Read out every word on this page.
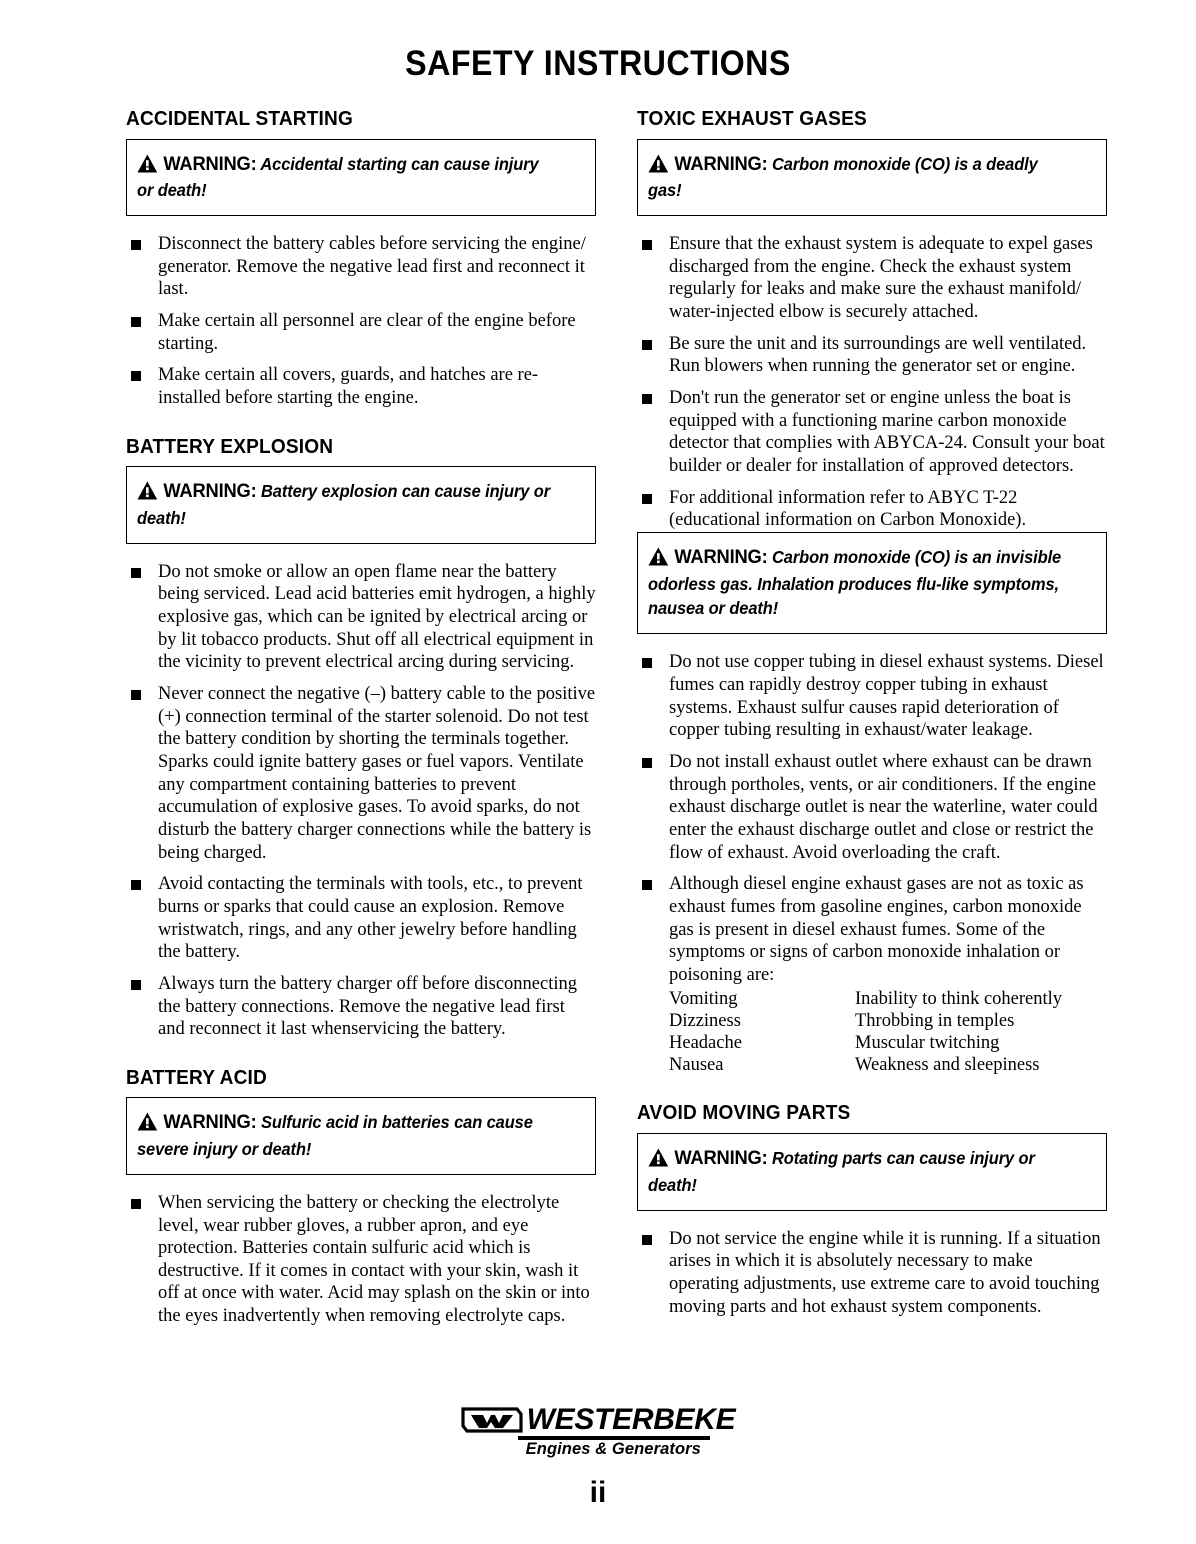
SAFETY INSTRUCTIONS
ACCIDENTAL STARTING
WARNING: Accidental starting can cause injury or death!
Disconnect the battery cables before servicing the engine/ generator. Remove the negative lead first and reconnect it last.
Make certain all personnel are clear of the engine before starting.
Make certain all covers, guards, and hatches are re-installed before starting the engine.
BATTERY EXPLOSION
WARNING: Battery explosion can cause injury or death!
Do not smoke or allow an open flame near the battery being serviced. Lead acid batteries emit hydrogen, a highly explosive gas, which can be ignited by electrical arcing or by lit tobacco products. Shut off all electrical equipment in the vicinity to prevent electrical arcing during servicing.
Never connect the negative (–) battery cable to the positive (+) connection terminal of the starter solenoid. Do not test the battery condition by shorting the terminals together. Sparks could ignite battery gases or fuel vapors. Ventilate any compartment containing batteries to prevent accumulation of explosive gases. To avoid sparks, do not disturb the battery charger connections while the battery is being charged.
Avoid contacting the terminals with tools, etc., to prevent burns or sparks that could cause an explosion. Remove wristwatch, rings, and any other jewelry before handling the battery.
Always turn the battery charger off before disconnecting the battery connections. Remove the negative lead first and reconnect it last whenservicing the battery.
BATTERY ACID
WARNING: Sulfuric acid in batteries can cause severe injury or death!
When servicing the battery or checking the electrolyte level, wear rubber gloves, a rubber apron, and eye protection. Batteries contain sulfuric acid which is destructive. If it comes in contact with your skin, wash it off at once with water. Acid may splash on the skin or into the eyes inadvertently when removing electrolyte caps.
TOXIC EXHAUST GASES
WARNING: Carbon monoxide (CO) is a deadly gas!
Ensure that the exhaust system is adequate to expel gases discharged from the engine. Check the exhaust system regularly for leaks and make sure the exhaust manifold/ water-injected elbow is securely attached.
Be sure the unit and its surroundings are well ventilated. Run blowers when running the generator set or engine.
Don't run the generator set or engine unless the boat is equipped with a functioning marine carbon monoxide detector that complies with ABYCA-24. Consult your boat builder or dealer for installation of approved detectors.
For additional information refer to ABYC T-22 (educational information on Carbon Monoxide).
WARNING: Carbon monoxide (CO) is an invisible odorless gas. Inhalation produces flu-like symptoms, nausea or death!
Do not use copper tubing in diesel exhaust systems. Diesel fumes can rapidly destroy copper tubing in exhaust systems. Exhaust sulfur causes rapid deterioration of copper tubing resulting in exhaust/water leakage.
Do not install exhaust outlet where exhaust can be drawn through portholes, vents, or air conditioners. If the engine exhaust discharge outlet is near the waterline, water could enter the exhaust discharge outlet and close or restrict the flow of exhaust. Avoid overloading the craft.
Although diesel engine exhaust gases are not as toxic as exhaust fumes from gasoline engines, carbon monoxide gas is present in diesel exhaust fumes. Some of the symptoms or signs of carbon monoxide inhalation or poisoning are:
Vomiting	Inability to think coherently
Dizziness	Throbbing in temples
Headache	Muscular twitching
Nausea	Weakness and sleepiness
AVOID MOVING PARTS
WARNING: Rotating parts can cause injury or death!
Do not service the engine while it is running. If a situation arises in which it is absolutely necessary to make operating adjustments, use extreme care to avoid touching moving parts and hot exhaust system components.
WESTERBEKE
Engines & Generators
ii
